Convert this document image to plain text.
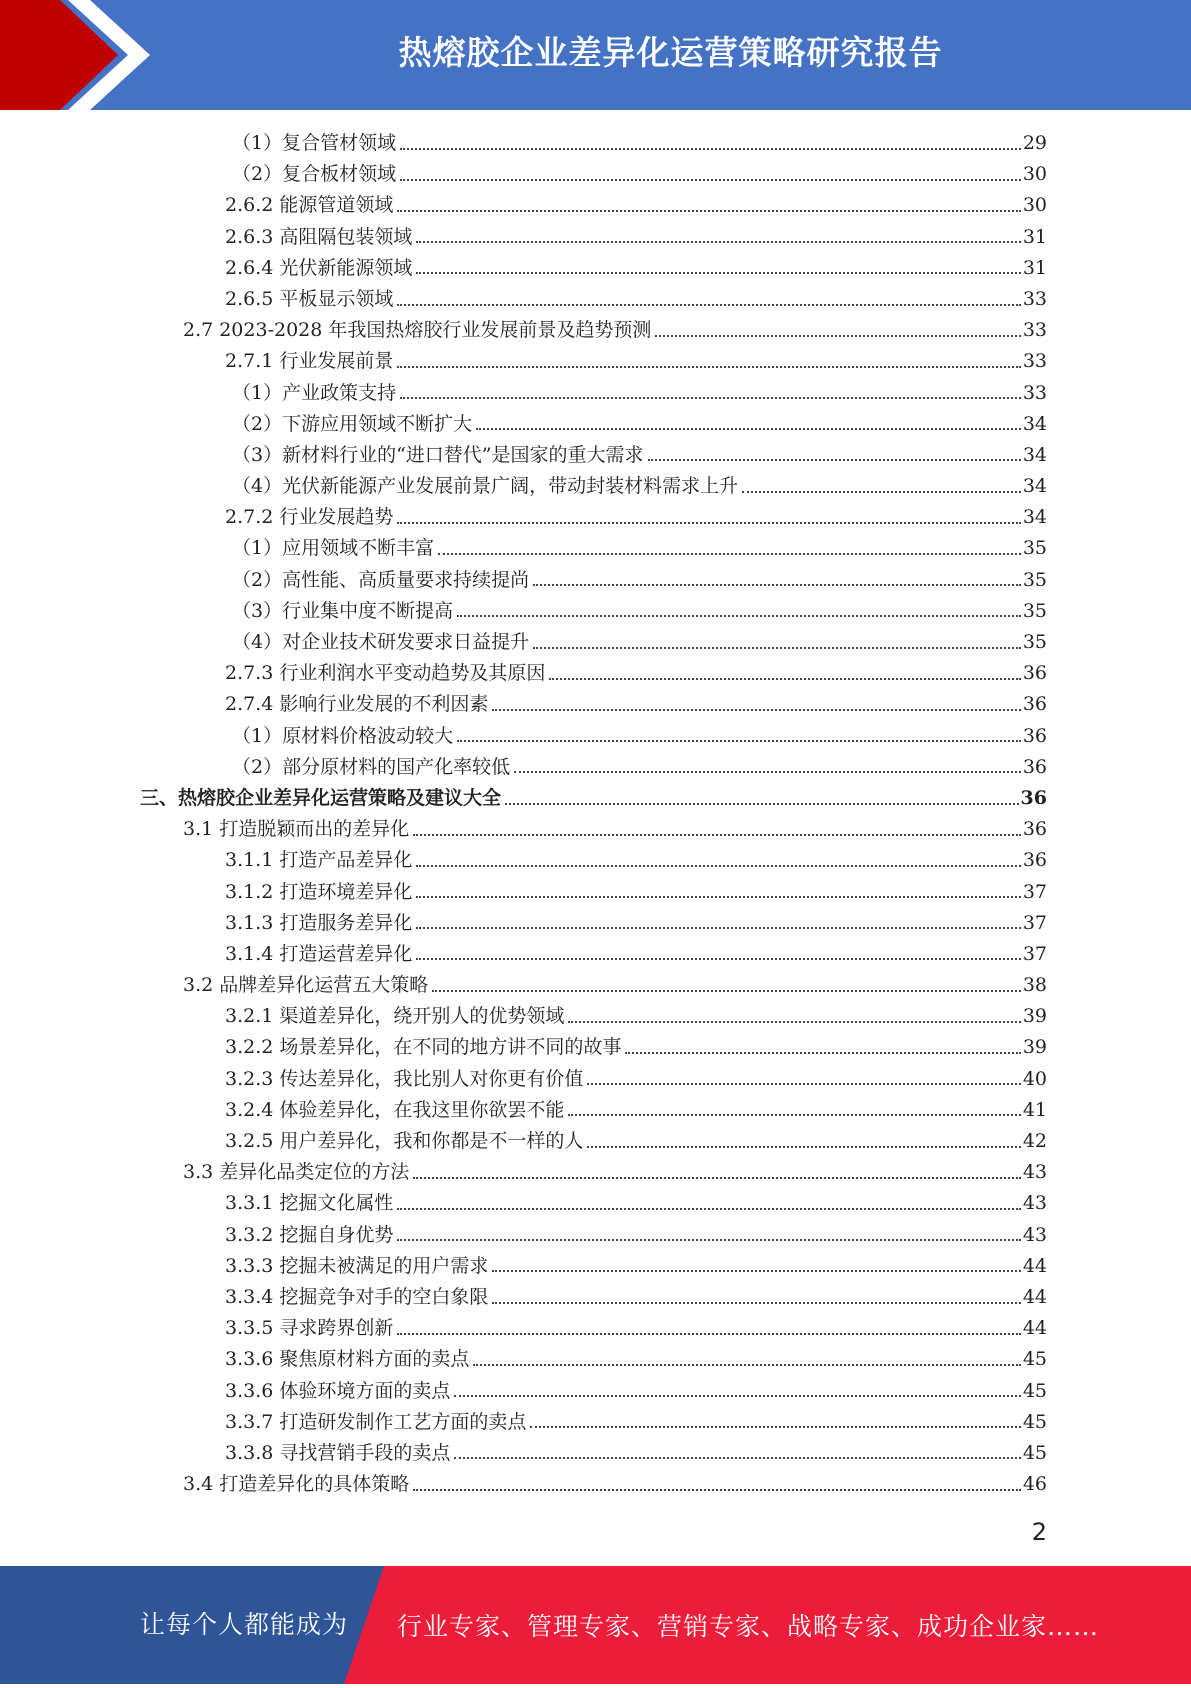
热熔胶企业差异化运营策略研究报告
（1）复合管材领域	29
（2）复合板材领域	30
2.6.2 能源管道领域	30
2.6.3 高阻隔包装领域	31
2.6.4 光伏新能源领域	31
2.6.5 平板显示领域	33
2.7 2023-2028 年我国热熔胶行业发展前景及趋势预测	33
2.7.1 行业发展前景	33
（1）产业政策支持	33
（2）下游应用领域不断扩大	34
（3）新材料行业的“进口替代”是国家的重大需求	34
（4）光伏新能源产业发展前景广阔，带动封装材料需求上升	34
2.7.2 行业发展趋势	34
（1）应用领域不断丰富	35
（2）高性能、高质量要求持续提尚	35
（3）行业集中度不断提高	35
（4）对企业技术研发要求日益提升	35
2.7.3 行业利润水平变动趋势及其原因	36
2.7.4 影响行业发展的不利因素	36
（1）原材料价格波动较大	36
（2）部分原材料的国产化率较低	36
三、热熔胶企业差异化运营策略及建议大全	36
3.1 打造脱颖而出的差异化	36
3.1.1 打造产品差异化	36
3.1.2 打造环境差异化	37
3.1.3 打造服务差异化	37
3.1.4 打造运营差异化	37
3.2 品牌差异化运营五大策略	38
3.2.1 渠道差异化，绕开别人的优势领域	39
3.2.2 场景差异化，在不同的地方讲不同的故事	39
3.2.3 传达差异化，我比别人对你更有价值	40
3.2.4 体验差异化，在我这里你欲罢不能	41
3.2.5 用户差异化，我和你都是不一样的人	42
3.3 差异化品类定位的方法	43
3.3.1 挖掘文化属性	43
3.3.2 挖掘自身优势	43
3.3.3 挖掘未被满足的用户需求	44
3.3.4 挖掘竞争对手的空白象限	44
3.3.5 寻求跨界创新	44
3.3.6 聚焦原材料方面的卖点	45
3.3.6 体验环境方面的卖点	45
3.3.7 打造研发制作工艺方面的卖点	45
3.3.8 寻找营销手段的卖点	45
3.4 打造差异化的具体策略	46
2
让每个人都能成为 行业专家、管理专家、营销专家、战略专家、成功企业家……
